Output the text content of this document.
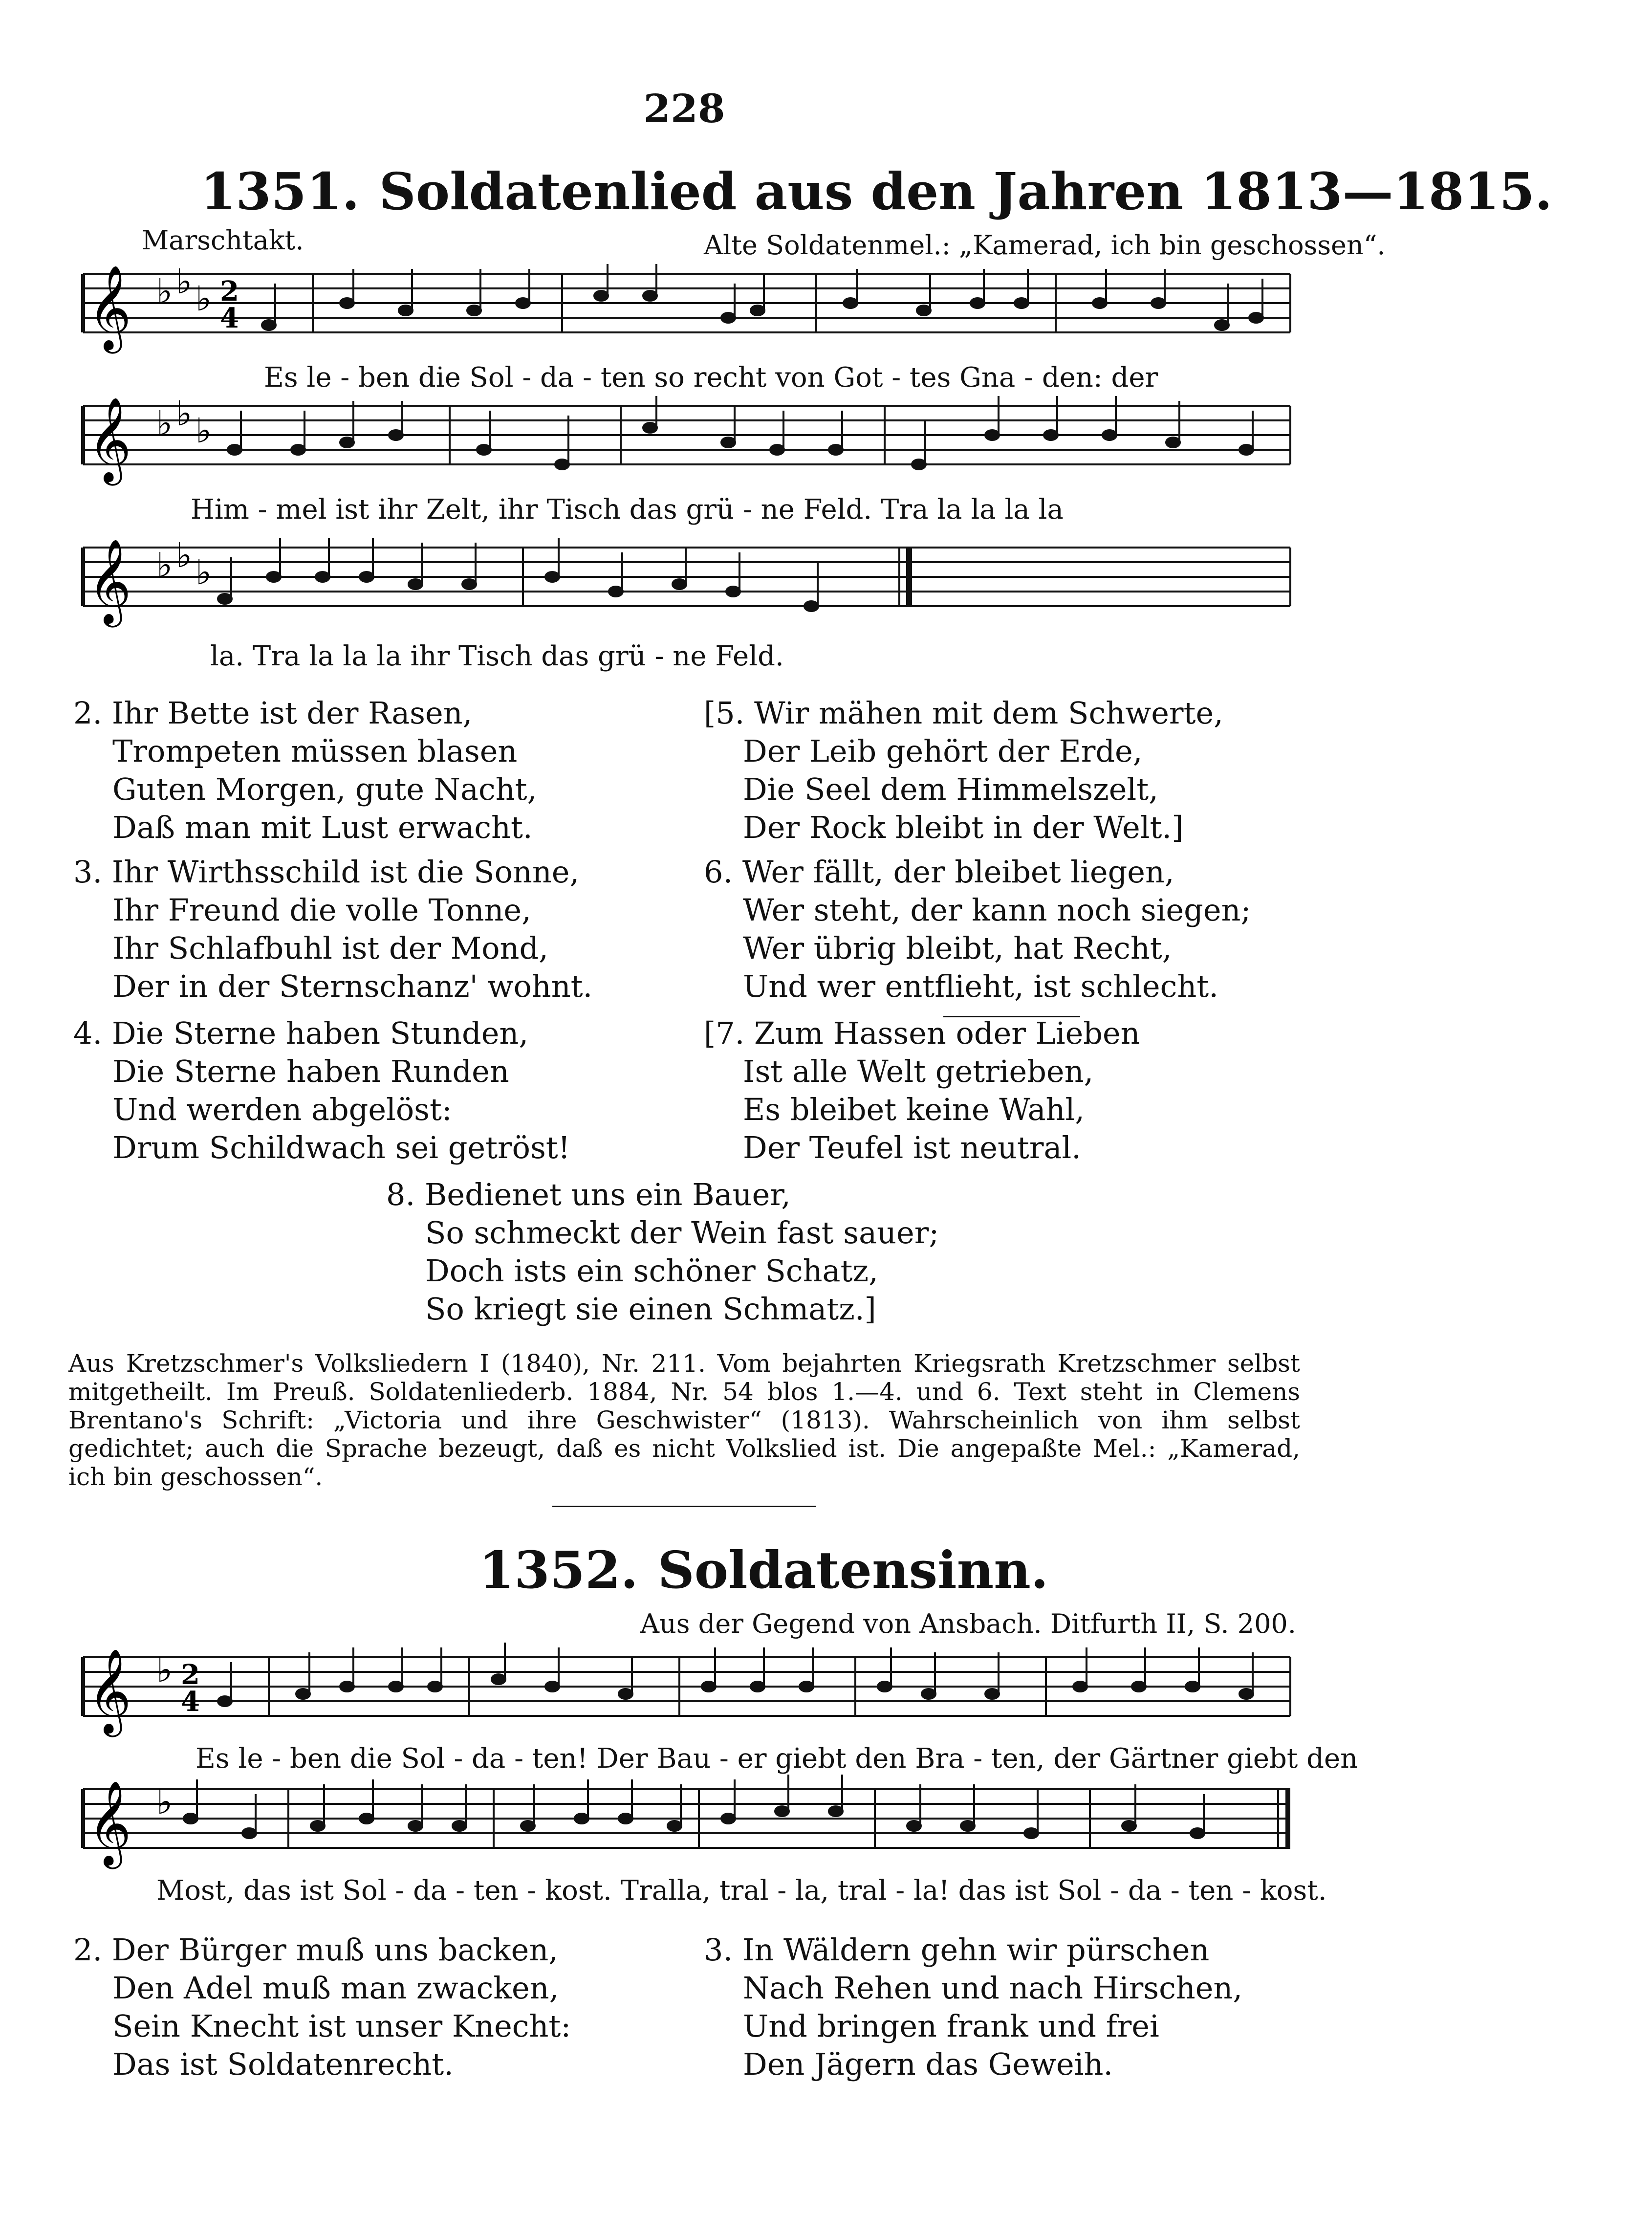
228
1351. Soldatenlied aus den Jahren 1813—1815.
Marschtakt.	Alte Soldatenmel.: „Kamerad, ich bin geschossen“.
𝄞 ♭ ♭ ♭ 2
4
Es le - ben die Sol - da - ten so recht von Got - tes Gna - den: der
𝄞 ♭ ♭ ♭
Him - mel ist ihr Zelt, ihr Tisch das grü - ne Feld. Tra la la la la
𝄞 ♭ ♭ ♭
la. Tra la la la ihr Tisch das grü - ne Feld.
2. Ihr Bette ist der Rasen,
Trompeten müssen blasen
Guten Morgen, gute Nacht,
Daß man mit Lust erwacht.
3. Ihr Wirthsschild ist die Sonne,
Ihr Freund die volle Tonne,
Ihr Schlafbuhl ist der Mond,
Der in der Sternschanz' wohnt.
4. Die Sterne haben Stunden,
Die Sterne haben Runden
Und werden abgelöst:
Drum Schildwach sei getröst!
[5. Wir mähen mit dem Schwerte,
Der Leib gehört der Erde,
Die Seel dem Himmelszelt,
Der Rock bleibt in der Welt.]
6. Wer fällt, der bleibet liegen,
Wer steht, der kann noch siegen;
Wer übrig bleibt, hat Recht,
Und wer entflieht, ist schlecht.
[7. Zum Hassen oder Lieben
Ist alle Welt getrieben,
Es bleibet keine Wahl,
Der Teufel ist neutral.
8. Bedienet uns ein Bauer,
So schmeckt der Wein fast sauer;
Doch ists ein schöner Schatz,
So kriegt sie einen Schmatz.]
Aus Kretzschmer's Volksliedern I (1840), Nr. 211. Vom bejahrten Kriegsrath Kretzschmer selbst mitgetheilt. Im Preuß. Soldatenliederb. 1884, Nr. 54 blos 1.—4. und 6. Text steht in Clemens Brentano's Schrift: „Victoria und ihre Geschwister“ (1813). Wahrscheinlich von ihm selbst gedichtet; auch die Sprache bezeugt, daß es nicht Volkslied ist. Die angepaßte Mel.: „Kamerad, ich bin geschossen“.
1352. Soldatensinn.
Aus der Gegend von Ansbach. Ditfurth II, S. 200.
𝄞 ♭ 2
4
Es le - ben die Sol - da - ten! Der Bau - er giebt den Bra - ten, der Gärtner giebt den
𝄞 ♭
Most, das ist Sol - da - ten - kost. Tralla, tral - la, tral - la! das ist Sol - da - ten - kost.
2. Der Bürger muß uns backen,
Den Adel muß man zwacken,
Sein Knecht ist unser Knecht:
Das ist Soldatenrecht.
3. In Wäldern gehn wir pürschen
Nach Rehen und nach Hirschen,
Und bringen frank und frei
Den Jägern das Geweih.
